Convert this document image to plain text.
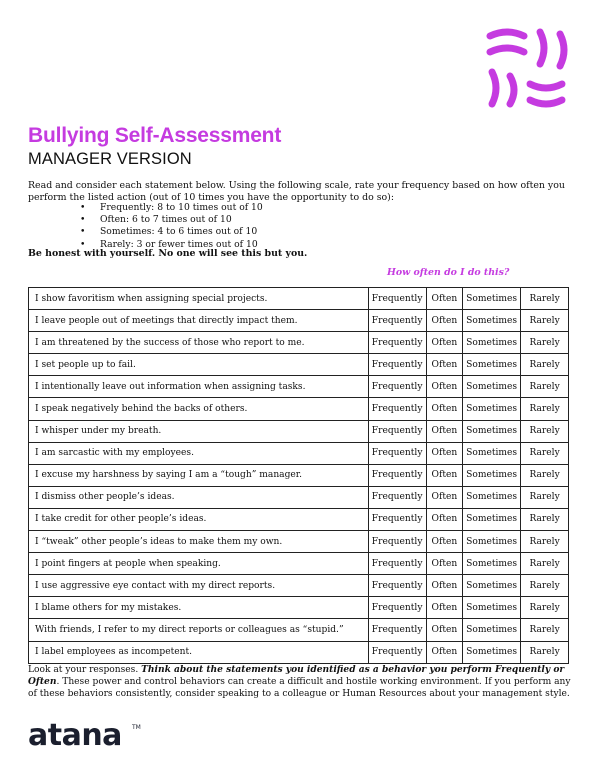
Bullying Self-Assessment
MANAGER VERSION
Read and consider each statement below. Using the following scale, rate your frequency based on how often you perform the listed action (out of 10 times you have the opportunity to do so):
• Frequently: 8 to 10 times out of 10
• Often: 6 to 7 times out of 10
• Sometimes: 4 to 6 times out of 10
• Rarely: 3 or fewer times out of 10
Be honest with yourself. No one will see this but you.
How often do I do this?
I show favoritism when assigning special projects.	Frequently	Often	Sometimes	Rarely
I leave people out of meetings that directly impact them.	Frequently	Often	Sometimes	Rarely
I am threatened by the success of those who report to me.	Frequently	Often	Sometimes	Rarely
I set people up to fail.	Frequently	Often	Sometimes	Rarely
I intentionally leave out information when assigning tasks.	Frequently	Often	Sometimes	Rarely
I speak negatively behind the backs of others.	Frequently	Often	Sometimes	Rarely
I whisper under my breath.	Frequently	Often	Sometimes	Rarely
I am sarcastic with my employees.	Frequently	Often	Sometimes	Rarely
I excuse my harshness by saying I am a “tough” manager.	Frequently	Often	Sometimes	Rarely
I dismiss other people’s ideas.	Frequently	Often	Sometimes	Rarely
I take credit for other people’s ideas.	Frequently	Often	Sometimes	Rarely
I “tweak” other people’s ideas to make them my own.	Frequently	Often	Sometimes	Rarely
I point fingers at people when speaking.	Frequently	Often	Sometimes	Rarely
I use aggressive eye contact with my direct reports.	Frequently	Often	Sometimes	Rarely
I blame others for my mistakes.	Frequently	Often	Sometimes	Rarely
With friends, I refer to my direct reports or colleagues as “stupid.”	Frequently	Often	Sometimes	Rarely
I label employees as incompetent.	Frequently	Often	Sometimes	Rarely
Look at your responses. Think about the statements you identified as a behavior you perform Frequently or Often. These power and control behaviors can create a difficult and hostile working environment. If you perform any of these behaviors consistently, consider speaking to a colleague or Human Resources about your management style.
atana TM
